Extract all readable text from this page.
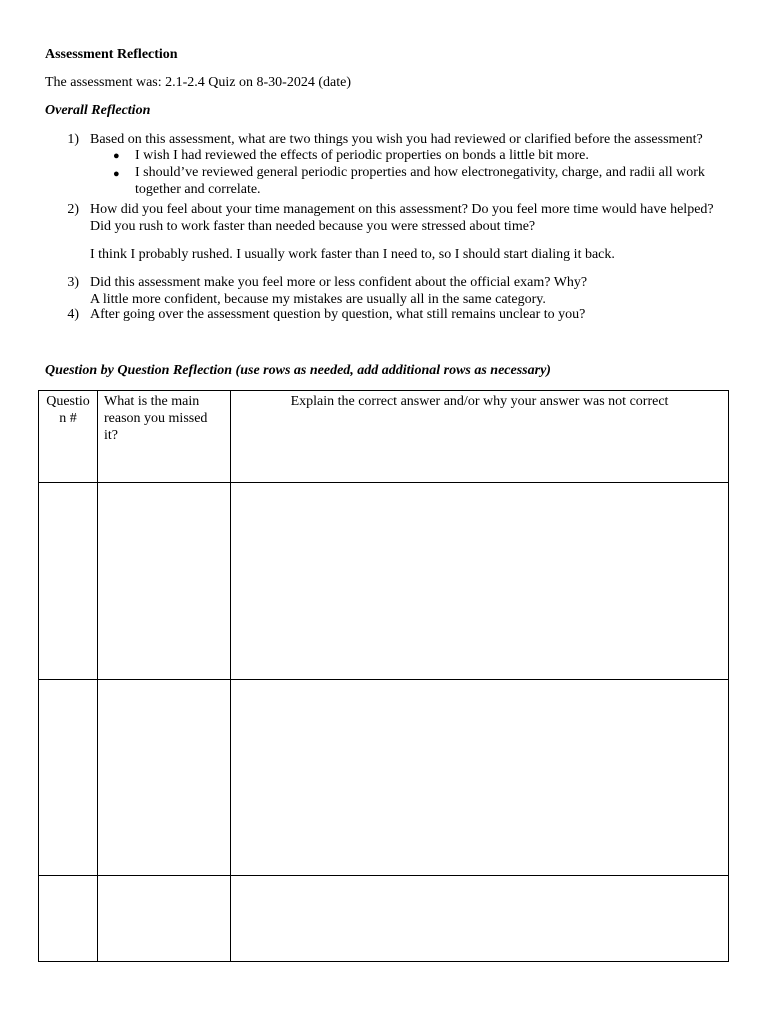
Assessment Reflection

The assessment was: 2.1-2.4 Quiz on 8-30-2024 (date)

Overall Reflection

1) Based on this assessment, what are two things you wish you had reviewed or clarified before the assessment?
● I wish I had reviewed the effects of periodic properties on bonds a little bit more.
● I should’ve reviewed general periodic properties and how electronegativity, charge, and radii all work together and correlate.
2) How did you feel about your time management on this assessment? Do you feel more time would have helped?
Did you rush to work faster than needed because you were stressed about time?
I think I probably rushed. I usually work faster than I need to, so I should start dialing it back.
3) Did this assessment make you feel more or less confident about the official exam? Why?
A little more confident, because my mistakes are usually all in the same category.
4) After going over the assessment question by question, what still remains unclear to you?

Question by Question Reflection (use rows as needed, add additional rows as necessary)

Question #	What is the main reason you missed it?	Explain the correct answer and/or why your answer was not correct
